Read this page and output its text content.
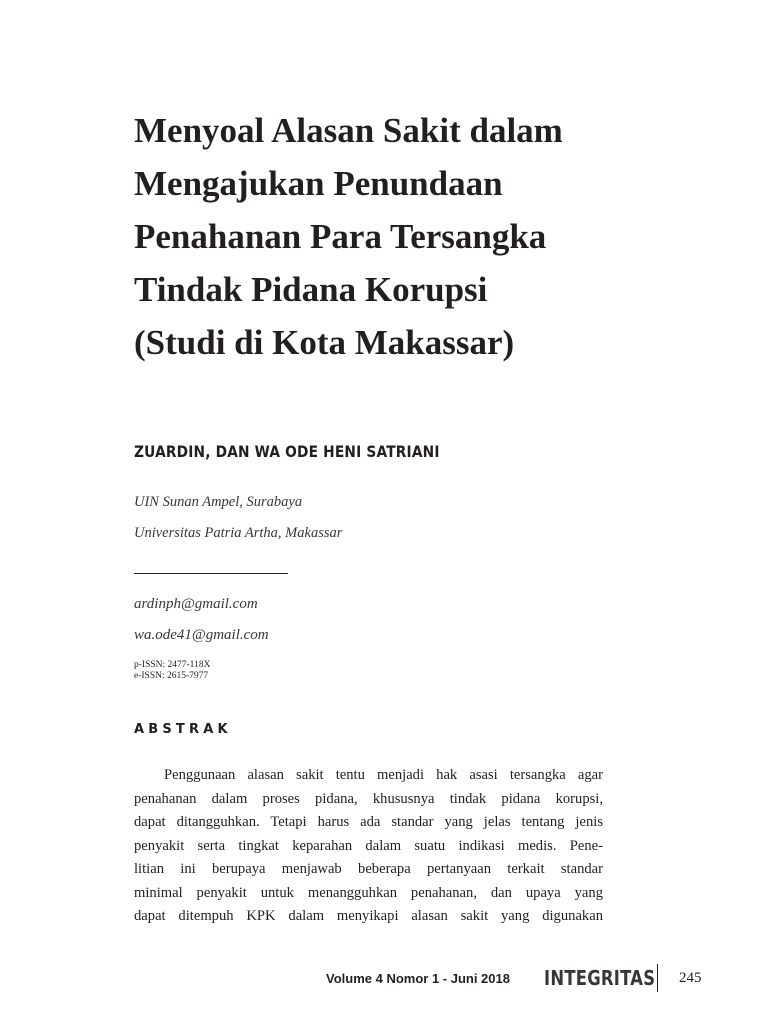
Menyoal Alasan Sakit dalam
Mengajukan Penundaan
Penahanan Para Tersangka
Tindak Pidana Korupsi
(Studi di Kota Makassar)
ZUARDIN, DAN WA ODE HENI SATRIANI
UIN Sunan Ampel, Surabaya
Universitas Patria Artha, Makassar
ardinph@gmail.com
wa.ode41@gmail.com
p-ISSN: 2477-118X
e-ISSN: 2615-7977
ABSTRAK
Penggunaan alasan sakit tentu menjadi hak asasi tersangka agar
penahanan dalam proses pidana, khususnya tindak pidana korupsi,
dapat ditangguhkan. Tetapi harus ada standar yang jelas tentang jenis
penyakit serta tingkat keparahan dalam suatu indikasi medis. Pene-
litian ini berupaya menjawab beberapa pertanyaan terkait standar
minimal penyakit untuk menangguhkan penahanan, dan upaya yang
dapat ditempuh KPK dalam menyikapi alasan sakit yang digunakan
Volume 4 Nomor 1 - Juni 2018 INTEGRITAS 245
